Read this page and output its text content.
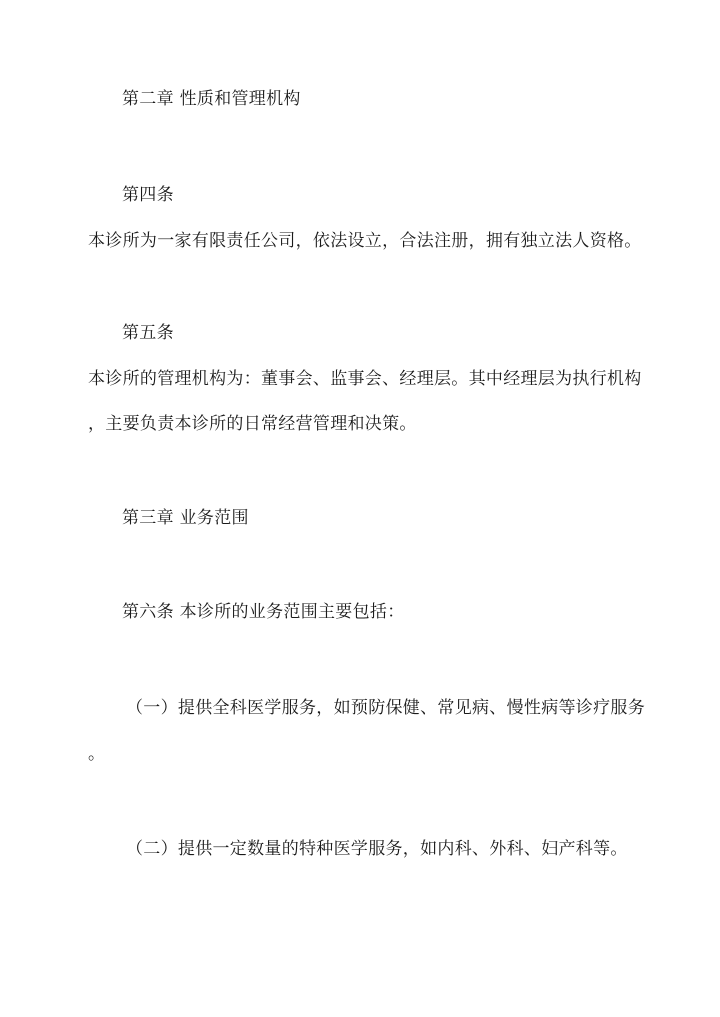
第二章 性质和管理机构
第四条
本诊所为一家有限责任公司，依法设立，合法注册，拥有独立法人资格。
第五条
本诊所的管理机构为：董事会、监事会、经理层。其中经理层为执行机构
，主要负责本诊所的日常经营管理和决策。
第三章 业务范围
第六条 本诊所的业务范围主要包括：
（一）提供全科医学服务，如预防保健、常见病、慢性病等诊疗服务
。
（二）提供一定数量的特种医学服务，如内科、外科、妇产科等。
